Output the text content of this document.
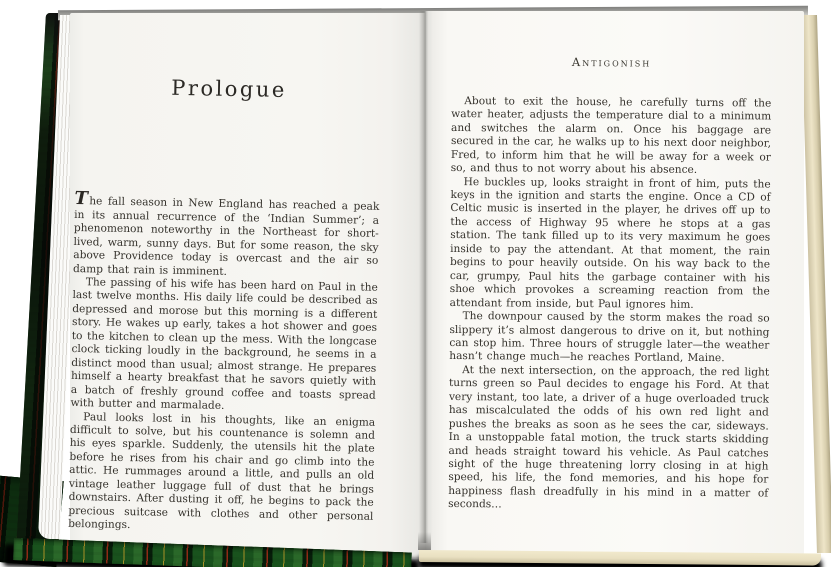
Prologue

The fall season in New England has reached a peak in its annual recurrence of the ‘Indian Summer’; a phenomenon noteworthy in the Northeast for short-lived, warm, sunny days. But for some reason, the sky above Providence today is overcast and the air so damp that rain is imminent.

The passing of his wife has been hard on Paul in the last twelve months. His daily life could be described as depressed and morose but this morning is a different story. He wakes up early, takes a hot shower and goes to the kitchen to clean up the mess. With the longcase clock ticking loudly in the background, he seems in a distinct mood than usual; almost strange. He prepares himself a hearty breakfast that he savors quietly with a batch of freshly ground coffee and toasts spread with butter and marmalade.

Paul looks lost in his thoughts, like an enigma difficult to solve, but his countenance is solemn and his eyes sparkle. Suddenly, the utensils hit the plate before he rises from his chair and go climb into the attic. He rummages around a little, and pulls an old vintage leather luggage full of dust that he brings downstairs. After dusting it off, he begins to pack the precious suitcase with clothes and other personal belongings.

Antigonish

About to exit the house, he carefully turns off the water heater, adjusts the temperature dial to a minimum and switches the alarm on. Once his baggage are secured in the car, he walks up to his next door neighbor, Fred, to inform him that he will be away for a week or so, and thus to not worry about his absence.

He buckles up, looks straight in front of him, puts the keys in the ignition and starts the engine. Once a CD of Celtic music is inserted in the player, he drives off up to the access of Highway 95 where he stops at a gas station. The tank filled up to its very maximum he goes inside to pay the attendant. At that moment, the rain begins to pour heavily outside. On his way back to the car, grumpy, Paul hits the garbage container with his shoe which provokes a screaming reaction from the attendant from inside, but Paul ignores him.

The downpour caused by the storm makes the road so slippery it’s almost dangerous to drive on it, but nothing can stop him. Three hours of struggle later—the weather hasn’t change much—he reaches Portland, Maine.

At the next intersection, on the approach, the red light turns green so Paul decides to engage his Ford. At that very instant, too late, a driver of a huge overloaded truck has miscalculated the odds of his own red light and pushes the breaks as soon as he sees the car, sideways. In a unstoppable fatal motion, the truck starts skidding and heads straight toward his vehicle. As Paul catches sight of the huge threatening lorry closing in at high speed, his life, the fond memories, and his hope for happiness flash dreadfully in his mind in a matter of seconds…
